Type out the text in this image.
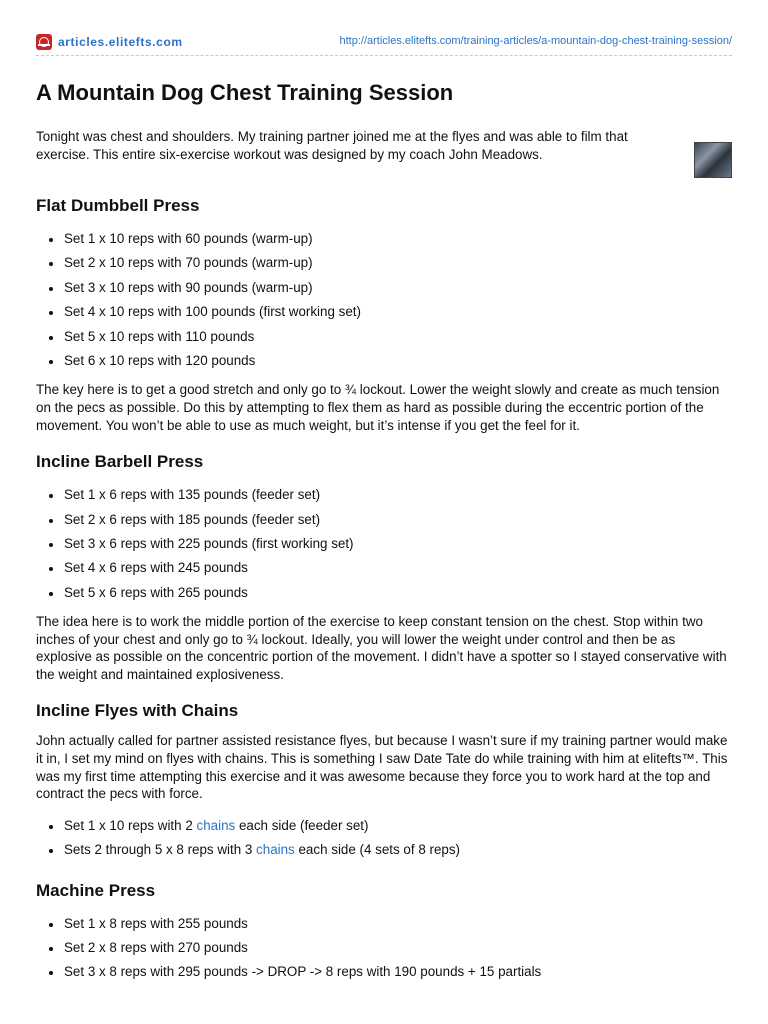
articles.elitefts.com	http://articles.elitefts.com/training-articles/a-mountain-dog-chest-training-session/
A Mountain Dog Chest Training Session

Tonight was chest and shoulders. My training partner joined me at the flyes and was able to film that exercise. This entire six-exercise workout was designed by my coach John Meadows.

Flat Dumbbell Press
Set 1 x 10 reps with 60 pounds (warm-up)
Set 2 x 10 reps with 70 pounds (warm-up)
Set 3 x 10 reps with 90 pounds (warm-up)
Set 4 x 10 reps with 100 pounds (first working set)
Set 5 x 10 reps with 110 pounds
Set 6 x 10 reps with 120 pounds

The key here is to get a good stretch and only go to ¾ lockout. Lower the weight slowly and create as much tension on the pecs as possible. Do this by attempting to flex them as hard as possible during the eccentric portion of the movement. You won’t be able to use as much weight, but it’s intense if you get the feel for it.

Incline Barbell Press
Set 1 x 6 reps with 135 pounds (feeder set)
Set 2 x 6 reps with 185 pounds (feeder set)
Set 3 x 6 reps with 225 pounds (first working set)
Set 4 x 6 reps with 245 pounds
Set 5 x 6 reps with 265 pounds

The idea here is to work the middle portion of the exercise to keep constant tension on the chest. Stop within two inches of your chest and only go to ¾ lockout. Ideally, you will lower the weight under control and then be as explosive as possible on the concentric portion of the movement. I didn’t have a spotter so I stayed conservative with the weight and maintained explosiveness.

Incline Flyes with Chains

John actually called for partner assisted resistance flyes, but because I wasn’t sure if my training partner would make it in, I set my mind on flyes with chains. This is something I saw Date Tate do while training with him at elitefts™. This was my first time attempting this exercise and it was awesome because they force you to work hard at the top and contract the pecs with force.

Set 1 x 10 reps with 2 chains each side (feeder set)
Sets 2 through 5 x 8 reps with 3 chains each side (4 sets of 8 reps)
Machine Press
Set 1 x 8 reps with 255 pounds
Set 2 x 8 reps with 270 pounds
Set 3 x 8 reps with 295 pounds -> DROP -> 8 reps with 190 pounds + 15 partials
